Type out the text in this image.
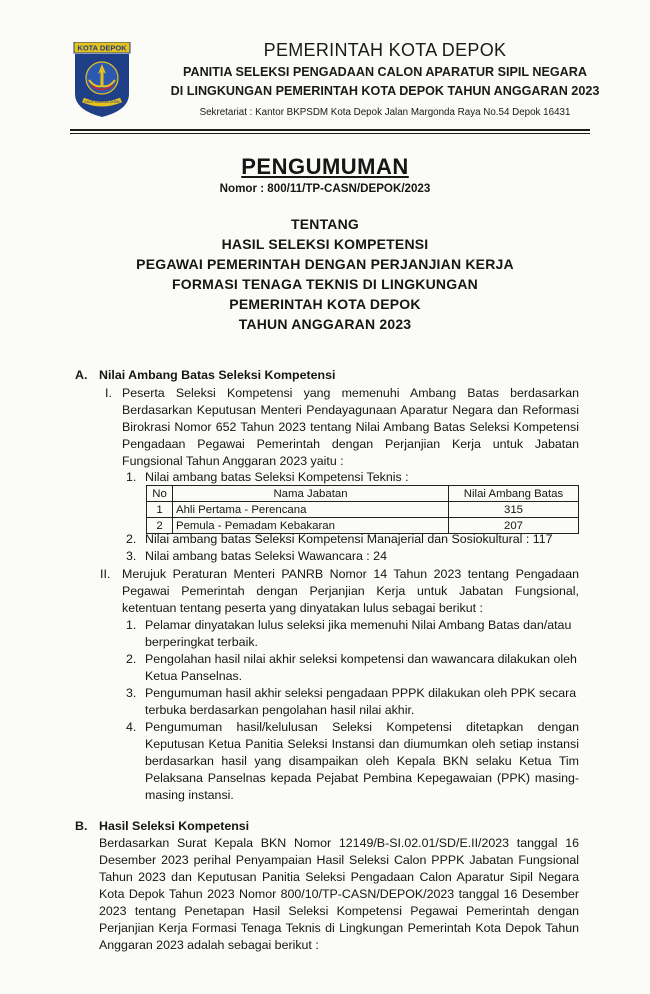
KOTA DEPOK
SAKIP BANGGAI DHRM
PEMERINTAH KOTA DEPOK
PANITIA SELEKSI PENGADAAN CALON APARATUR SIPIL NEGARA
DI LINGKUNGAN PEMERINTAH KOTA DEPOK TAHUN ANGGARAN 2023
Sekretariat : Kantor BKPSDM Kota Depok Jalan Margonda Raya No.54 Depok 16431
PENGUMUMAN
Nomor : 800/11/TP-CASN/DEPOK/2023
TENTANG
HASIL SELEKSI KOMPETENSI
PEGAWAI PEMERINTAH DENGAN PERJANJIAN KERJA
FORMASI TENAGA TEKNIS DI LINGKUNGAN
PEMERINTAH KOTA DEPOK
TAHUN ANGGARAN 2023
A. Nilai Ambang Batas Seleksi Kompetensi
I. Peserta Seleksi Kompetensi yang memenuhi Ambang Batas berdasarkan
Berdasarkan Keputusan Menteri Pendayagunaan Aparatur Negara dan Reformasi
Birokrasi Nomor 652 Tahun 2023 tentang Nilai Ambang Batas Seleksi Kompetensi
Pengadaan Pegawai Pemerintah dengan Perjanjian Kerja untuk Jabatan
Fungsional Tahun Anggaran 2023 yaitu :
1. Nilai ambang batas Seleksi Kompetensi Teknis :
No	Nama Jabatan	Nilai Ambang Batas
1	Ahli Pertama - Perencana	315
2	Pemula - Pemadam Kebakaran	207
2. Nilai ambang batas Seleksi Kompetensi Manajerial dan Sosiokultural : 117
3. Nilai ambang batas Seleksi Wawancara : 24
II. Merujuk Peraturan Menteri PANRB Nomor 14 Tahun 2023 tentang Pengadaan
Pegawai Pemerintah dengan Perjanjian Kerja untuk Jabatan Fungsional,
ketentuan tentang peserta yang dinyatakan lulus sebagai berikut :
1. Pelamar dinyatakan lulus seleksi jika memenuhi Nilai Ambang Batas dan/atau
berperingkat terbaik.
2. Pengolahan hasil nilai akhir seleksi kompetensi dan wawancara dilakukan oleh
Ketua Panselnas.
3. Pengumuman hasil akhir seleksi pengadaan PPPK dilakukan oleh PPK secara
terbuka berdasarkan pengolahan hasil nilai akhir.
4. Pengumuman hasil/kelulusan Seleksi Kompetensi ditetapkan dengan
Keputusan Ketua Panitia Seleksi Instansi dan diumumkan oleh setiap instansi
berdasarkan hasil yang disampaikan oleh Kepala BKN selaku Ketua Tim
Pelaksana Panselnas kepada Pejabat Pembina Kepegawaian (PPK) masing-
masing instansi.
B. Hasil Seleksi Kompetensi
Berdasarkan Surat Kepala BKN Nomor 12149/B-SI.02.01/SD/E.II/2023 tanggal 16
Desember 2023 perihal Penyampaian Hasil Seleksi Calon PPPK Jabatan Fungsional
Tahun 2023 dan Keputusan Panitia Seleksi Pengadaan Calon Aparatur Sipil Negara
Kota Depok Tahun 2023 Nomor 800/10/TP-CASN/DEPOK/2023 tanggal 16 Desember
2023 tentang Penetapan Hasil Seleksi Kompetensi Pegawai Pemerintah dengan
Perjanjian Kerja Formasi Tenaga Teknis di Lingkungan Pemerintah Kota Depok Tahun
Anggaran 2023 adalah sebagai berikut :
